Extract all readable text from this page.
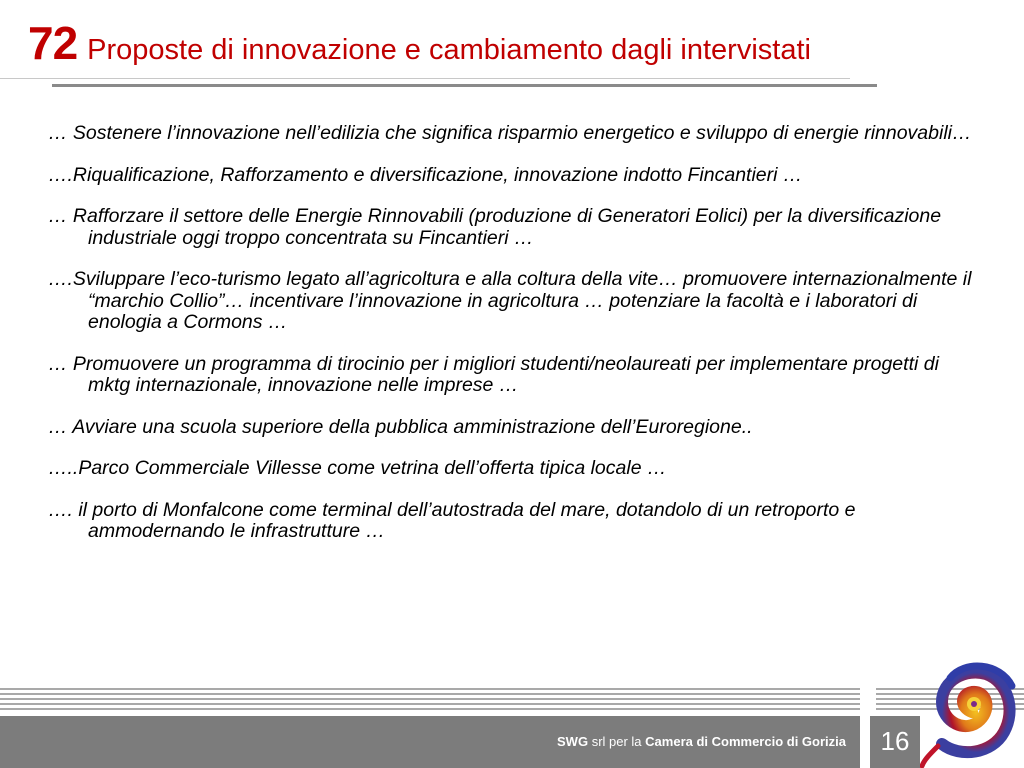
72 Proposte di innovazione e cambiamento dagli intervistati

… Sostenere l’innovazione nell’edilizia che significa risparmio energetico e sviluppo di energie rinnovabili…

….Riqualificazione, Rafforzamento e diversificazione, innovazione indotto Fincantieri …

… Rafforzare il settore delle Energie Rinnovabili (produzione di Generatori Eolici) per la diversificazione industriale oggi troppo concentrata su Fincantieri …

….Sviluppare l’eco-turismo legato all’agricoltura e alla coltura della vite… promuovere internazionalmente il “marchio Collio”… incentivare l’innovazione in agricoltura … potenziare la facoltà e i laboratori di enologia a Cormons …

… Promuovere un programma di tirocinio per i migliori studenti/neolaureati per implementare progetti di mktg internazionale, innovazione nelle imprese …

… Avviare una scuola superiore della pubblica amministrazione dell’Euroregione..

…..Parco Commerciale Villesse come vetrina dell’offerta tipica locale …

…. il porto di Monfalcone come terminal dell’autostrada del mare, dotandolo di un retroporto e ammodernando le infrastrutture …

SWG srl per la Camera di Commercio di Gorizia	16
